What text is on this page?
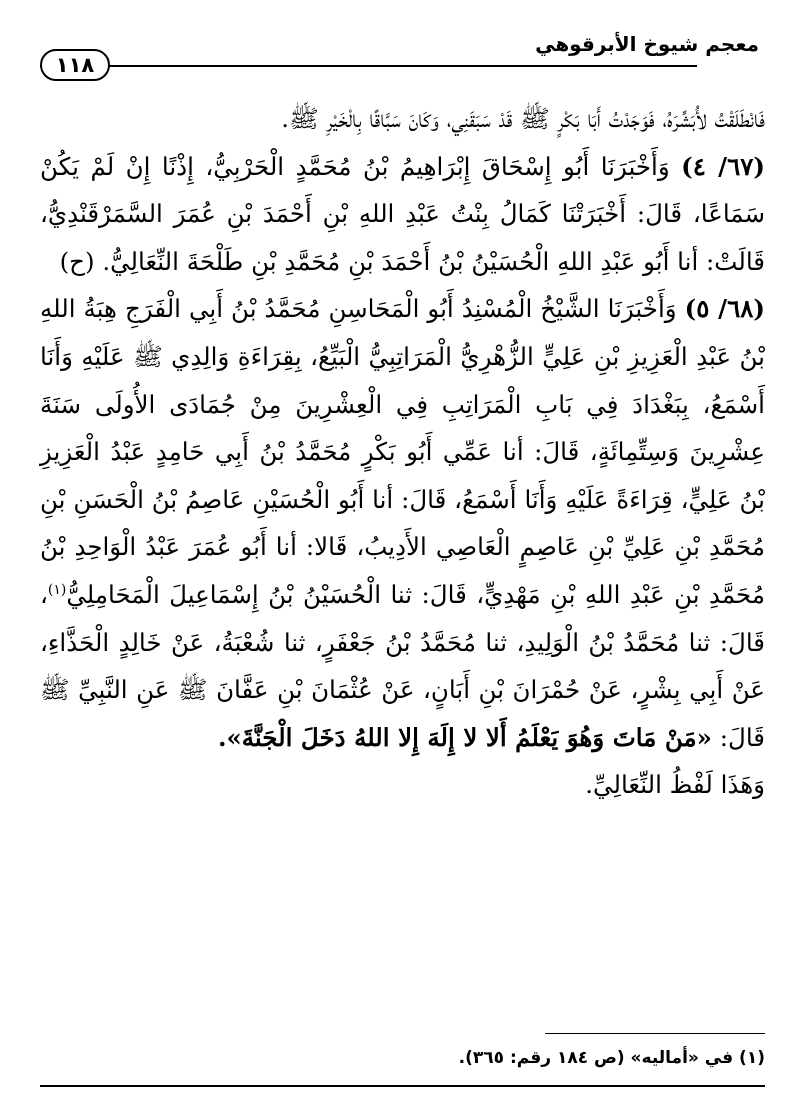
معجم شيوخ الأبرقوهي
١١٨

فَانْطَلَقْتُ لأُبَشِّرَهُ، فَوَجَدْتُ أَبَا بَكْرٍ ﷺ قَدْ سَبَقَنِي، وَكَانَ سَبَّاقًا بِالْخَيْرِ ﷺ.

(٦٧/ ٤) وَأَخْبَرَنَا أَبُو إِسْحَاقَ إِبْرَاهِيمُ بْنُ مُحَمَّدٍ الْحَرْبِيُّ، إِذْنًا إِنْ لَمْ يَكُنْ سَمَاعًا، قَالَ: أَخْبَرَتْنَا كَمَالُ بِنْتُ عَبْدِ اللهِ بْنِ أَحْمَدَ بْنِ عُمَرَ السَّمَرْقَنْدِيُّ، قَالَتْ: أنا أَبُو عَبْدِ اللهِ الْحُسَيْنُ بْنُ أَحْمَدَ بْنِ مُحَمَّدِ بْنِ طَلْحَةَ النِّعَالِيُّ. (ح)

(٦٨/ ٥) وَأَخْبَرَنَا الشَّيْخُ الْمُسْنِدُ أَبُو الْمَحَاسِنِ مُحَمَّدُ بْنُ أَبِي الْفَرَجِ هِبَةُ اللهِ بْنُ عَبْدِ الْعَزِيزِ بْنِ عَلِيٍّ الزُّهْرِيُّ الْمَرَاتِبِيُّ الْبَيِّعُ، بِقِرَاءَةِ وَالِدِي ﷺ عَلَيْهِ وَأَنَا أَسْمَعُ، بِبَغْدَادَ فِي بَابِ الْمَرَاتِبِ فِي الْعِشْرِينَ مِنْ جُمَادَى الأُولَى سَنَةَ عِشْرِينَ وَسِتِّمِائَةٍ، قَالَ: أنا عَمِّي أَبُو بَكْرٍ مُحَمَّدُ بْنُ أَبِي حَامِدٍ عَبْدُ الْعَزِيزِ بْنُ عَلِيٍّ، قِرَاءَةً عَلَيْهِ وَأَنَا أَسْمَعُ، قَالَ: أنا أَبُو الْحُسَيْنِ عَاصِمُ بْنُ الْحَسَنِ بْنِ مُحَمَّدِ بْنِ عَلِيِّ بْنِ عَاصِمٍ الْعَاصِي الأَدِيبُ، قَالا: أنا أَبُو عُمَرَ عَبْدُ الْوَاحِدِ بْنُ مُحَمَّدِ بْنِ عَبْدِ اللهِ بْنِ مَهْدِيٍّ، قَالَ: ثنا الْحُسَيْنُ بْنُ إِسْمَاعِيلَ الْمَحَامِلِيُّ$^{(١)}$، قَالَ: ثنا مُحَمَّدُ بْنُ الْوَلِيدِ، ثنا مُحَمَّدُ بْنُ جَعْفَرٍ، ثنا شُعْبَةُ، عَنْ خَالِدٍ الْحَذَّاءِ، عَنْ أَبِي بِشْرٍ، عَنْ حُمْرَانَ بْنِ أَبَانٍ، عَنْ عُثْمَانَ بْنِ عَفَّانَ ﷺ عَنِ النَّبِيِّ ﷺ قَالَ: «مَنْ مَاتَ وَهُوَ يَعْلَمُ أَلا لا إِلَهَ إِلا اللهُ دَخَلَ الْجَنَّةَ».

وَهَذَا لَفْظُ النِّعَالِيِّ.

(١) في «أماليه» (ص ١٨٤ رقم: ٣٦٥).
